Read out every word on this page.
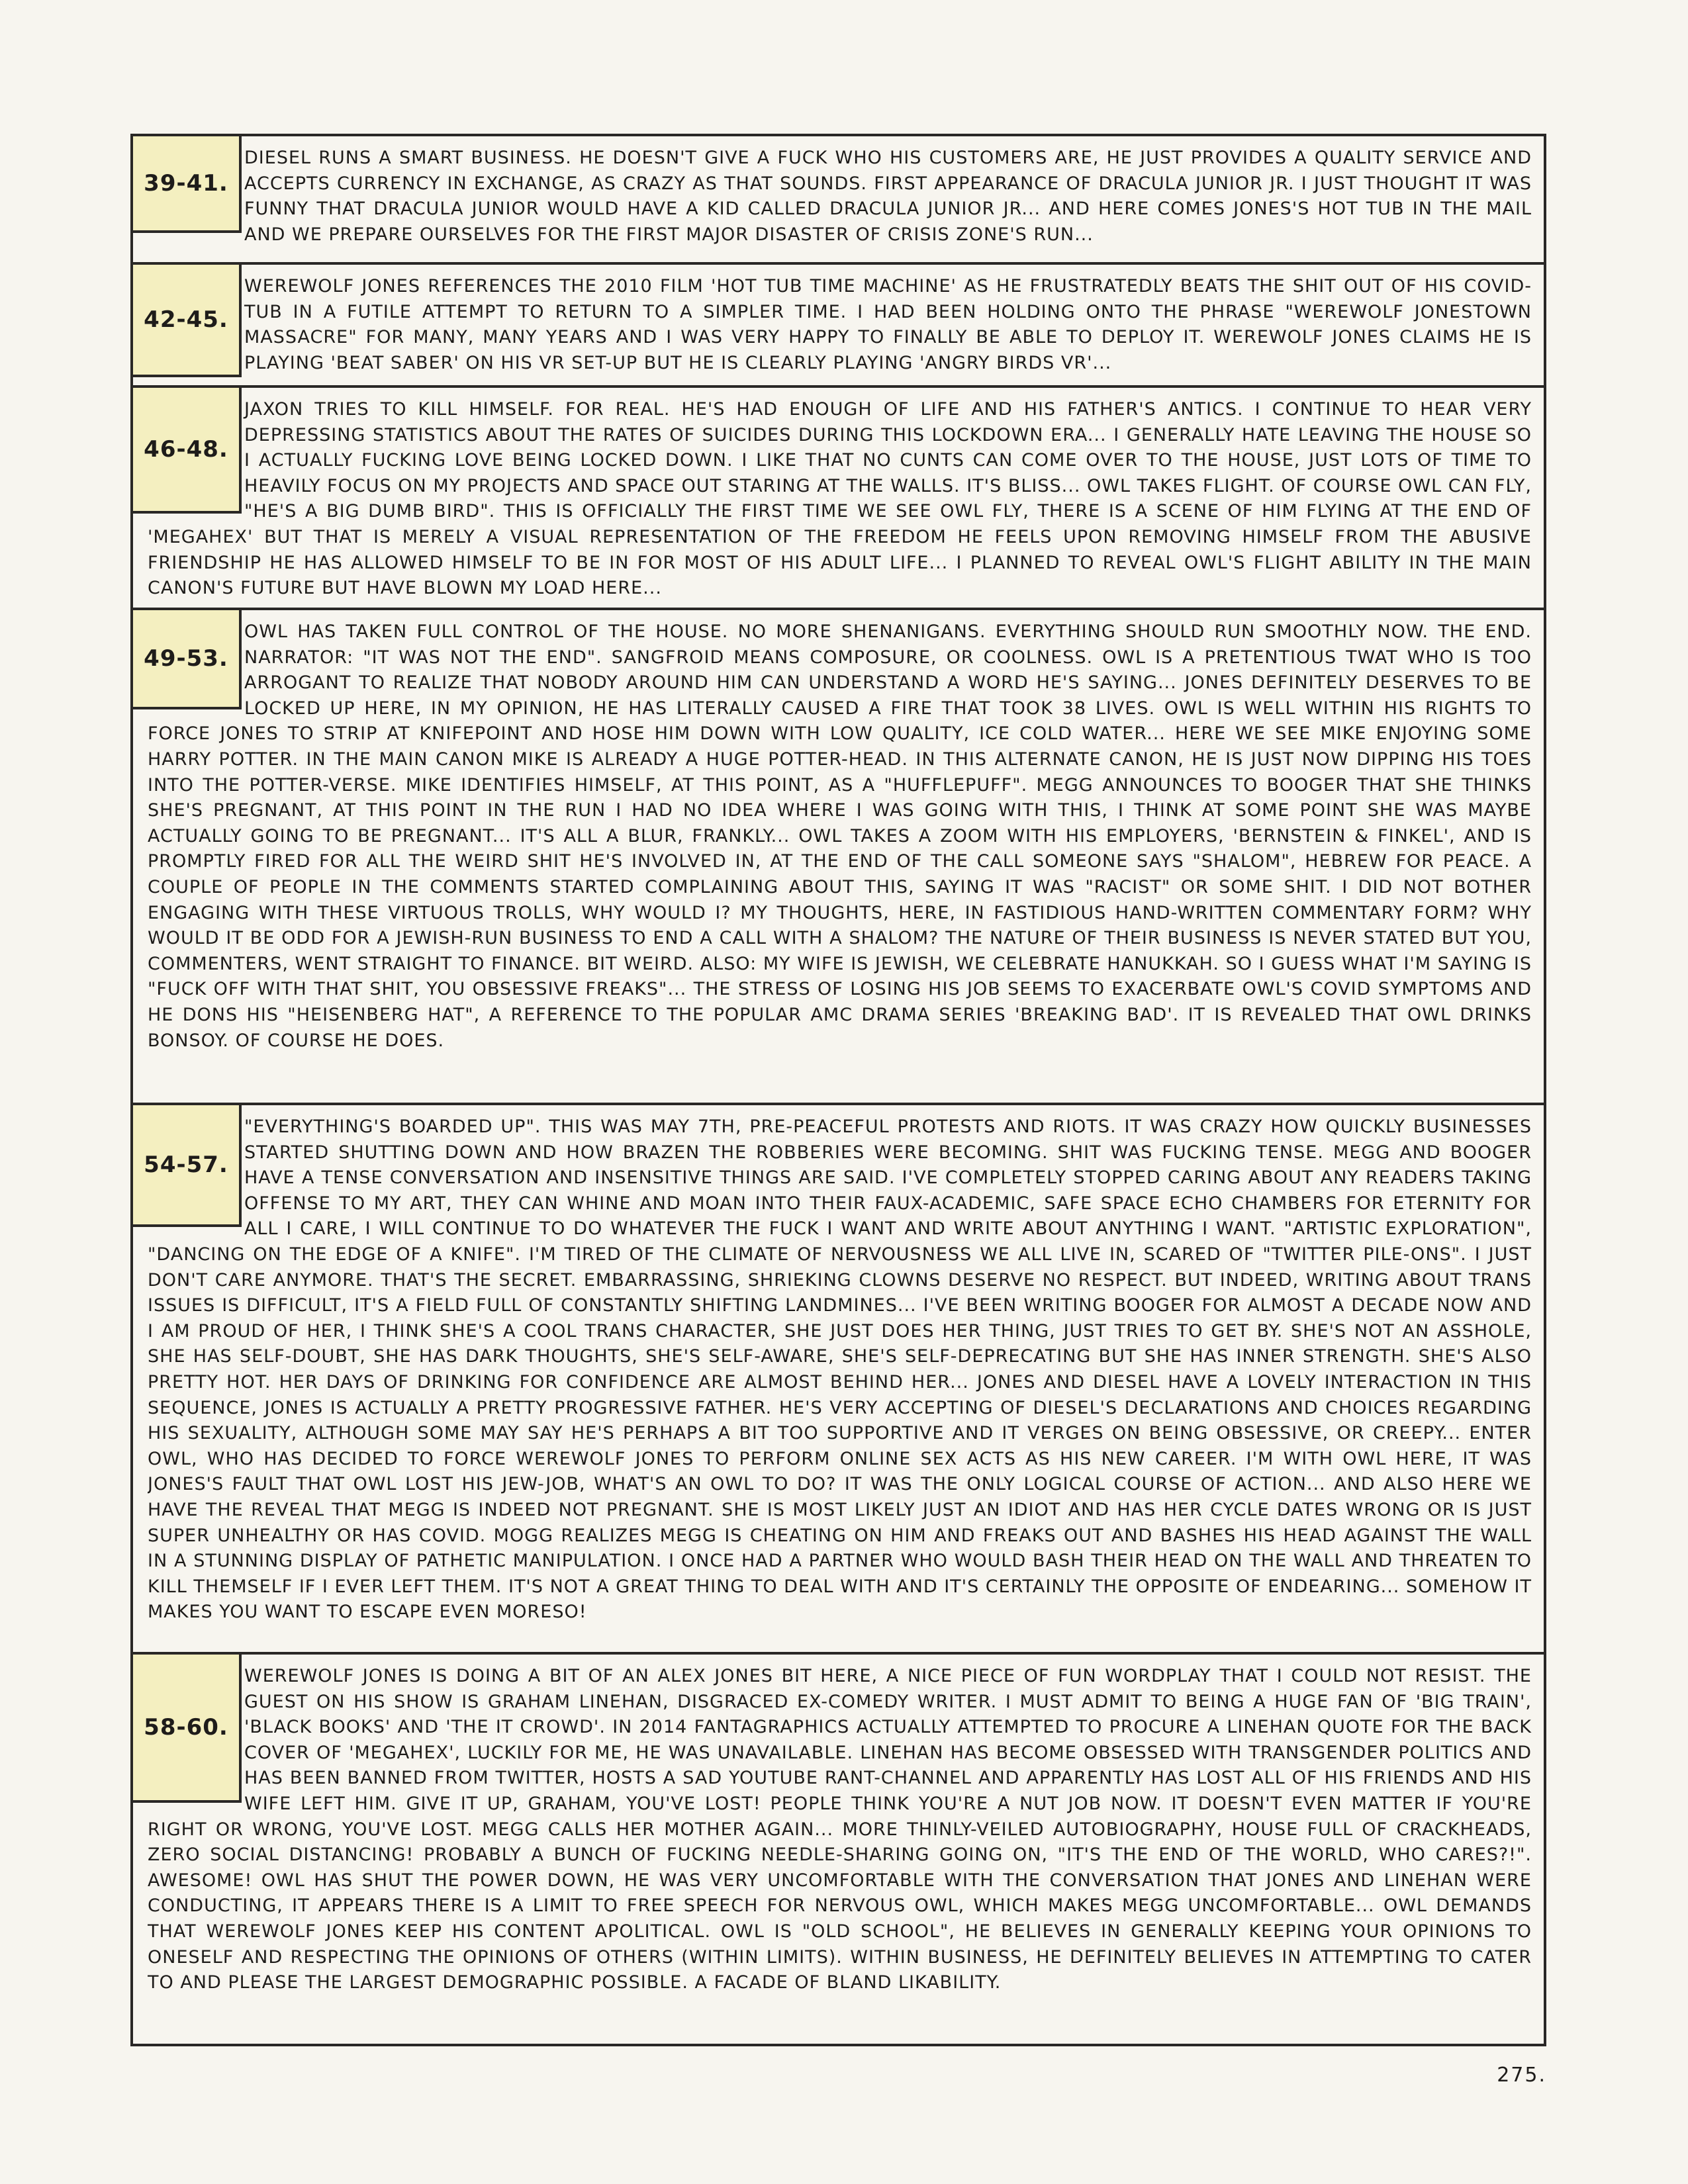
39-41.
DIESEL RUNS A SMART BUSINESS. HE DOESN'T GIVE A FUCK WHO HIS CUSTOMERS ARE, HE JUST PROVIDES A QUALITY SERVICE AND ACCEPTS CURRENCY IN EXCHANGE, AS CRAZY AS THAT SOUNDS. FIRST APPEARANCE OF DRACULA JUNIOR JR. I JUST THOUGHT IT WAS FUNNY THAT DRACULA JUNIOR WOULD HAVE A KID CALLED DRACULA JUNIOR JR... AND HERE COMES JONES'S HOT TUB IN THE MAIL AND WE PREPARE OURSELVES FOR THE FIRST MAJOR DISASTER OF CRISIS ZONE'S RUN...
42-45.
WEREWOLF JONES REFERENCES THE 2010 FILM 'HOT TUB TIME MACHINE' AS HE FRUSTRATEDLY BEATS THE SHIT OUT OF HIS COVID-TUB IN A FUTILE ATTEMPT TO RETURN TO A SIMPLER TIME. I HAD BEEN HOLDING ONTO THE PHRASE "WEREWOLF JONESTOWN MASSACRE" FOR MANY, MANY YEARS AND I WAS VERY HAPPY TO FINALLY BE ABLE TO DEPLOY IT. WEREWOLF JONES CLAIMS HE IS PLAYING 'BEAT SABER' ON HIS VR SET-UP BUT HE IS CLEARLY PLAYING 'ANGRY BIRDS VR'...
46-48.
JAXON TRIES TO KILL HIMSELF. FOR REAL. HE'S HAD ENOUGH OF LIFE AND HIS FATHER'S ANTICS. I CONTINUE TO HEAR VERY DEPRESSING STATISTICS ABOUT THE RATES OF SUICIDES DURING THIS LOCKDOWN ERA... I GENERALLY HATE LEAVING THE HOUSE SO I ACTUALLY FUCKING LOVE BEING LOCKED DOWN. I LIKE THAT NO CUNTS CAN COME OVER TO THE HOUSE, JUST LOTS OF TIME TO HEAVILY FOCUS ON MY PROJECTS AND SPACE OUT STARING AT THE WALLS. IT'S BLISS... OWL TAKES FLIGHT. OF COURSE OWL CAN FLY, "HE'S A BIG DUMB BIRD". THIS IS OFFICIALLY THE FIRST TIME WE SEE OWL FLY, THERE IS A SCENE OF HIM FLYING AT THE END OF 'MEGAHEX' BUT THAT IS MERELY A VISUAL REPRESENTATION OF THE FREEDOM HE FEELS UPON REMOVING HIMSELF FROM THE ABUSIVE FRIENDSHIP HE HAS ALLOWED HIMSELF TO BE IN FOR MOST OF HIS ADULT LIFE... I PLANNED TO REVEAL OWL'S FLIGHT ABILITY IN THE MAIN CANON'S FUTURE BUT HAVE BLOWN MY LOAD HERE...
49-53.
OWL HAS TAKEN FULL CONTROL OF THE HOUSE. NO MORE SHENANIGANS. EVERYTHING SHOULD RUN SMOOTHLY NOW. THE END. NARRATOR: "IT WAS NOT THE END". SANGFROID MEANS COMPOSURE, OR COOLNESS. OWL IS A PRETENTIOUS TWAT WHO IS TOO ARROGANT TO REALIZE THAT NOBODY AROUND HIM CAN UNDERSTAND A WORD HE'S SAYING... JONES DEFINITELY DESERVES TO BE LOCKED UP HERE, IN MY OPINION, HE HAS LITERALLY CAUSED A FIRE THAT TOOK 38 LIVES. OWL IS WELL WITHIN HIS RIGHTS TO FORCE JONES TO STRIP AT KNIFEPOINT AND HOSE HIM DOWN WITH LOW QUALITY, ICE COLD WATER... HERE WE SEE MIKE ENJOYING SOME HARRY POTTER. IN THE MAIN CANON MIKE IS ALREADY A HUGE POTTER-HEAD. IN THIS ALTERNATE CANON, HE IS JUST NOW DIPPING HIS TOES INTO THE POTTER-VERSE. MIKE IDENTIFIES HIMSELF, AT THIS POINT, AS A "HUFFLEPUFF". MEGG ANNOUNCES TO BOOGER THAT SHE THINKS SHE'S PREGNANT, AT THIS POINT IN THE RUN I HAD NO IDEA WHERE I WAS GOING WITH THIS, I THINK AT SOME POINT SHE WAS MAYBE ACTUALLY GOING TO BE PREGNANT... IT'S ALL A BLUR, FRANKLY... OWL TAKES A ZOOM WITH HIS EMPLOYERS, 'BERNSTEIN & FINKEL', AND IS PROMPTLY FIRED FOR ALL THE WEIRD SHIT HE'S INVOLVED IN, AT THE END OF THE CALL SOMEONE SAYS "SHALOM", HEBREW FOR PEACE. A COUPLE OF PEOPLE IN THE COMMENTS STARTED COMPLAINING ABOUT THIS, SAYING IT WAS "RACIST" OR SOME SHIT. I DID NOT BOTHER ENGAGING WITH THESE VIRTUOUS TROLLS, WHY WOULD I? MY THOUGHTS, HERE, IN FASTIDIOUS HAND-WRITTEN COMMENTARY FORM? WHY WOULD IT BE ODD FOR A JEWISH-RUN BUSINESS TO END A CALL WITH A SHALOM? THE NATURE OF THEIR BUSINESS IS NEVER STATED BUT YOU, COMMENTERS, WENT STRAIGHT TO FINANCE. BIT WEIRD. ALSO: MY WIFE IS JEWISH, WE CELEBRATE HANUKKAH. SO I GUESS WHAT I'M SAYING IS "FUCK OFF WITH THAT SHIT, YOU OBSESSIVE FREAKS"... THE STRESS OF LOSING HIS JOB SEEMS TO EXACERBATE OWL'S COVID SYMPTOMS AND HE DONS HIS "HEISENBERG HAT", A REFERENCE TO THE POPULAR AMC DRAMA SERIES 'BREAKING BAD'. IT IS REVEALED THAT OWL DRINKS BONSOY. OF COURSE HE DOES.
54-57.
"EVERYTHING'S BOARDED UP". THIS WAS MAY 7TH, PRE-PEACEFUL PROTESTS AND RIOTS. IT WAS CRAZY HOW QUICKLY BUSINESSES STARTED SHUTTING DOWN AND HOW BRAZEN THE ROBBERIES WERE BECOMING. SHIT WAS FUCKING TENSE. MEGG AND BOOGER HAVE A TENSE CONVERSATION AND INSENSITIVE THINGS ARE SAID. I'VE COMPLETELY STOPPED CARING ABOUT ANY READERS TAKING OFFENSE TO MY ART, THEY CAN WHINE AND MOAN INTO THEIR FAUX-ACADEMIC, SAFE SPACE ECHO CHAMBERS FOR ETERNITY FOR ALL I CARE, I WILL CONTINUE TO DO WHATEVER THE FUCK I WANT AND WRITE ABOUT ANYTHING I WANT. "ARTISTIC EXPLORATION", "DANCING ON THE EDGE OF A KNIFE". I'M TIRED OF THE CLIMATE OF NERVOUSNESS WE ALL LIVE IN, SCARED OF "TWITTER PILE-ONS". I JUST DON'T CARE ANYMORE. THAT'S THE SECRET. EMBARRASSING, SHRIEKING CLOWNS DESERVE NO RESPECT. BUT INDEED, WRITING ABOUT TRANS ISSUES IS DIFFICULT, IT'S A FIELD FULL OF CONSTANTLY SHIFTING LANDMINES... I'VE BEEN WRITING BOOGER FOR ALMOST A DECADE NOW AND I AM PROUD OF HER, I THINK SHE'S A COOL TRANS CHARACTER, SHE JUST DOES HER THING, JUST TRIES TO GET BY. SHE'S NOT AN ASSHOLE, SHE HAS SELF-DOUBT, SHE HAS DARK THOUGHTS, SHE'S SELF-AWARE, SHE'S SELF-DEPRECATING BUT SHE HAS INNER STRENGTH. SHE'S ALSO PRETTY HOT. HER DAYS OF DRINKING FOR CONFIDENCE ARE ALMOST BEHIND HER... JONES AND DIESEL HAVE A LOVELY INTERACTION IN THIS SEQUENCE, JONES IS ACTUALLY A PRETTY PROGRESSIVE FATHER. HE'S VERY ACCEPTING OF DIESEL'S DECLARATIONS AND CHOICES REGARDING HIS SEXUALITY, ALTHOUGH SOME MAY SAY HE'S PERHAPS A BIT TOO SUPPORTIVE AND IT VERGES ON BEING OBSESSIVE, OR CREEPY... ENTER OWL, WHO HAS DECIDED TO FORCE WEREWOLF JONES TO PERFORM ONLINE SEX ACTS AS HIS NEW CAREER. I'M WITH OWL HERE, IT WAS JONES'S FAULT THAT OWL LOST HIS JEW-JOB, WHAT'S AN OWL TO DO? IT WAS THE ONLY LOGICAL COURSE OF ACTION... AND ALSO HERE WE HAVE THE REVEAL THAT MEGG IS INDEED NOT PREGNANT. SHE IS MOST LIKELY JUST AN IDIOT AND HAS HER CYCLE DATES WRONG OR IS JUST SUPER UNHEALTHY OR HAS COVID. MOGG REALIZES MEGG IS CHEATING ON HIM AND FREAKS OUT AND BASHES HIS HEAD AGAINST THE WALL IN A STUNNING DISPLAY OF PATHETIC MANIPULATION. I ONCE HAD A PARTNER WHO WOULD BASH THEIR HEAD ON THE WALL AND THREATEN TO KILL THEMSELF IF I EVER LEFT THEM. IT'S NOT A GREAT THING TO DEAL WITH AND IT'S CERTAINLY THE OPPOSITE OF ENDEARING... SOMEHOW IT MAKES YOU WANT TO ESCAPE EVEN MORESO!
58-60.
WEREWOLF JONES IS DOING A BIT OF AN ALEX JONES BIT HERE, A NICE PIECE OF FUN WORDPLAY THAT I COULD NOT RESIST. THE GUEST ON HIS SHOW IS GRAHAM LINEHAN, DISGRACED EX-COMEDY WRITER. I MUST ADMIT TO BEING A HUGE FAN OF 'BIG TRAIN', 'BLACK BOOKS' AND 'THE IT CROWD'. IN 2014 FANTAGRAPHICS ACTUALLY ATTEMPTED TO PROCURE A LINEHAN QUOTE FOR THE BACK COVER OF 'MEGAHEX', LUCKILY FOR ME, HE WAS UNAVAILABLE. LINEHAN HAS BECOME OBSESSED WITH TRANSGENDER POLITICS AND HAS BEEN BANNED FROM TWITTER, HOSTS A SAD YOUTUBE RANT-CHANNEL AND APPARENTLY HAS LOST ALL OF HIS FRIENDS AND HIS WIFE LEFT HIM. GIVE IT UP, GRAHAM, YOU'VE LOST! PEOPLE THINK YOU'RE A NUT JOB NOW. IT DOESN'T EVEN MATTER IF YOU'RE RIGHT OR WRONG, YOU'VE LOST. MEGG CALLS HER MOTHER AGAIN... MORE THINLY-VEILED AUTOBIOGRAPHY, HOUSE FULL OF CRACKHEADS, ZERO SOCIAL DISTANCING! PROBABLY A BUNCH OF FUCKING NEEDLE-SHARING GOING ON, "IT'S THE END OF THE WORLD, WHO CARES?!". AWESOME! OWL HAS SHUT THE POWER DOWN, HE WAS VERY UNCOMFORTABLE WITH THE CONVERSATION THAT JONES AND LINEHAN WERE CONDUCTING, IT APPEARS THERE IS A LIMIT TO FREE SPEECH FOR NERVOUS OWL, WHICH MAKES MEGG UNCOMFORTABLE... OWL DEMANDS THAT WEREWOLF JONES KEEP HIS CONTENT APOLITICAL. OWL IS "OLD SCHOOL", HE BELIEVES IN GENERALLY KEEPING YOUR OPINIONS TO ONESELF AND RESPECTING THE OPINIONS OF OTHERS (WITHIN LIMITS). WITHIN BUSINESS, HE DEFINITELY BELIEVES IN ATTEMPTING TO CATER TO AND PLEASE THE LARGEST DEMOGRAPHIC POSSIBLE. A FACADE OF BLAND LIKABILITY.
275.
